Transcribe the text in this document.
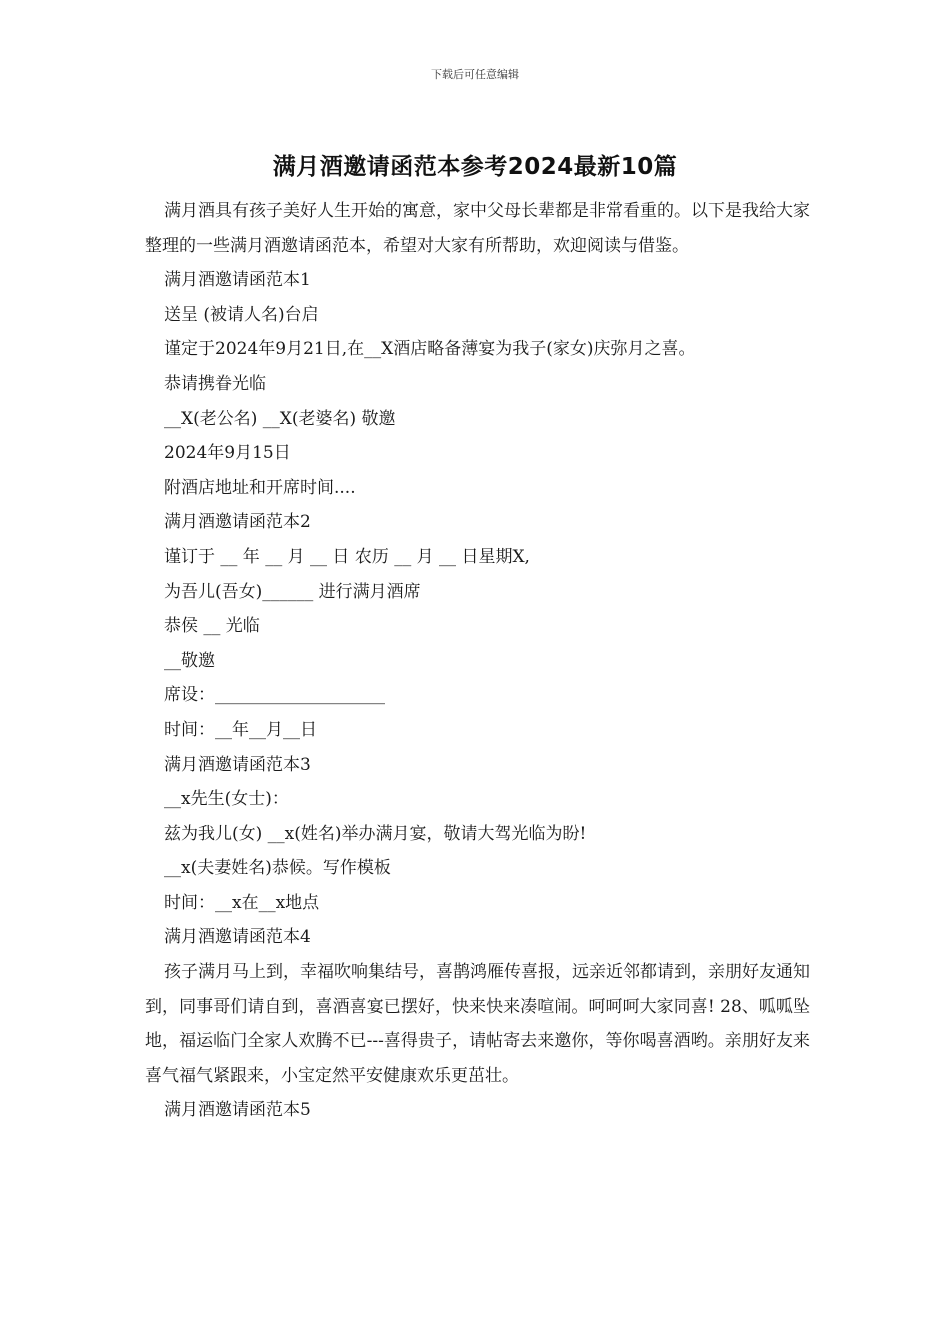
下载后可任意编辑
满月酒邀请函范本参考2024最新10篇

满月酒具有孩子美好人生开始的寓意，家中父母长辈都是非常看重的。以下是我给大家整理的一些满月酒邀请函范本，希望对大家有所帮助，欢迎阅读与借鉴。

满月酒邀请函范本1

送呈 (被请人名)台启

谨定于2024年9月21日,在__X酒店略备薄宴为我子(家女)庆弥月之喜。

恭请携眷光临

__X(老公名) __X(老婆名) 敬邀

2024年9月15日

附酒店地址和开席时间....

满月酒邀请函范本2

谨订于 __ 年 __ 月 __ 日 农历 __ 月 __ 日星期X,

为吾儿(吾女)______ 进行满月酒席

恭侯 __ 光临

__敬邀

席设：____________________

时间：__年__月__日

满月酒邀请函范本3

__x先生(女士)：

兹为我儿(女) __x(姓名)举办满月宴，敬请大驾光临为盼!

__x(夫妻姓名)恭候。写作模板

时间：__x在__x地点

满月酒邀请函范本4

孩子满月马上到，幸福吹响集结号，喜鹊鸿雁传喜报，远亲近邻都请到，亲朋好友通知到，同事哥们请自到，喜酒喜宴已摆好，快来快来凑喧闹。呵呵呵大家同喜! 28、呱呱坠地，福运临门全家人欢腾不已---喜得贵子，请帖寄去来邀你，等你喝喜酒哟。亲朋好友来喜气福气紧跟来，小宝定然平安健康欢乐更茁壮。

满月酒邀请函范本5
